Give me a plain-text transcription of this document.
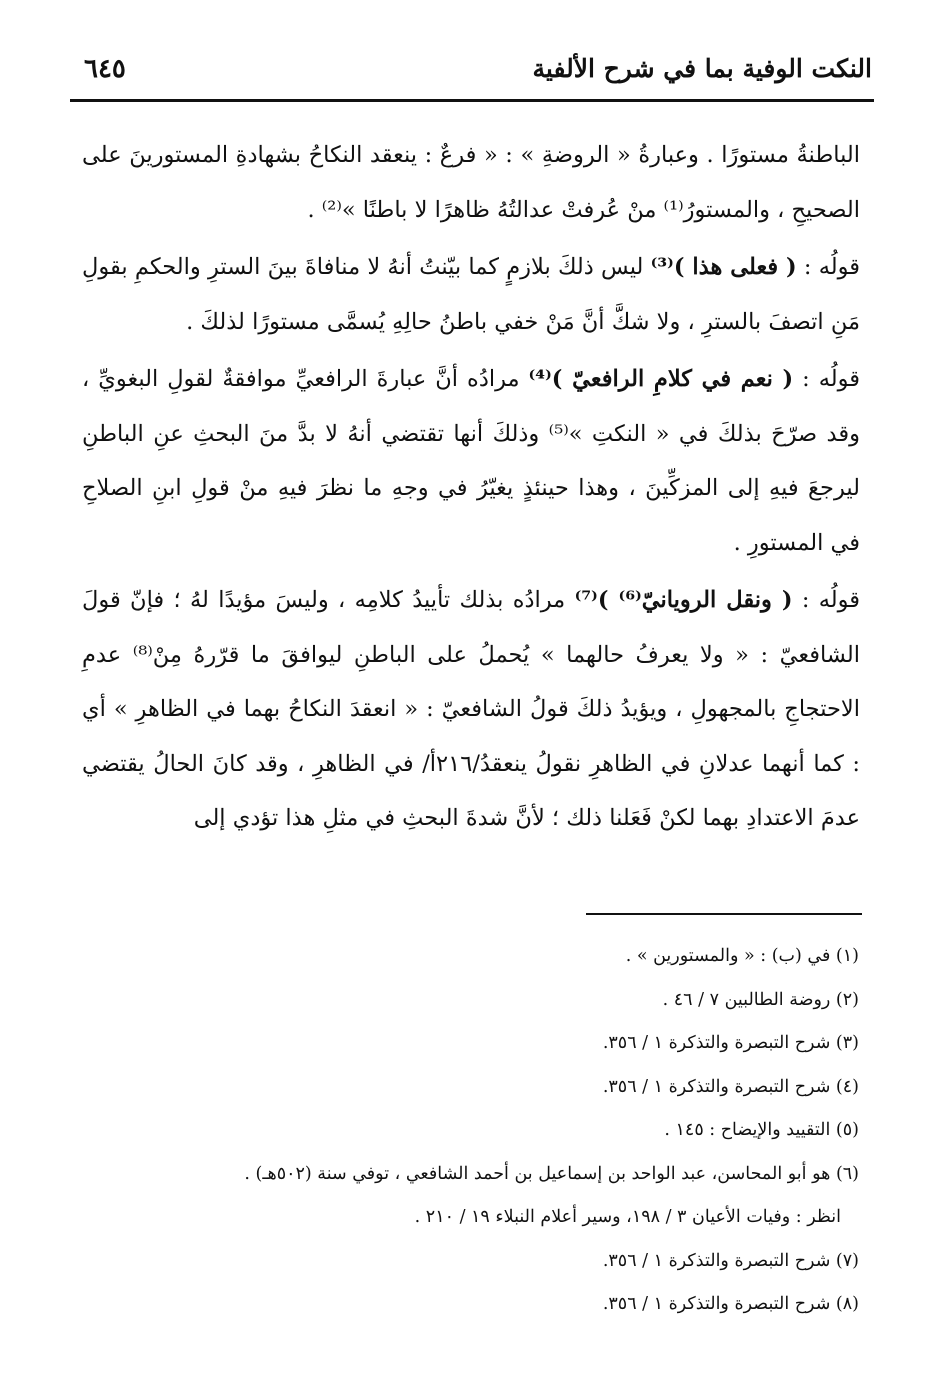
النكت الوفية بما في شرح الألفية
٦٤٥

الباطنةُ مستورًا . وعبارةُ « الروضةِ » : « فرعٌ : ينعقد النكاحُ بشهادةِ المستورينَ على الصحيحِ ، والمستورُ⁽¹⁾ منْ عُرفتْ عدالتُهُ ظاهرًا لا باطنًا »⁽²⁾ .

قولُه : ( فعلى هذا )⁽³⁾ ليس ذلكَ بلازمٍ كما بيّنتُ أنهُ لا منافاةَ بينَ السترِ والحكمِ بقولِ مَنِ اتصفَ بالسترِ ، ولا شكَّ أنَّ مَنْ خفي باطنُ حالِهِ يُسمَّى مستورًا لذلكَ .

قولُه : ( نعم في كلامِ الرافعيّ )⁽⁴⁾ مرادُه أنَّ عبارةَ الرافعيِّ موافقةٌ لقولِ البغويِّ ، وقد صرّحَ بذلكَ في « النكتِ »⁽⁵⁾ وذلكَ أنها تقتضي أنهُ لا بدَّ منَ البحثِ عنِ الباطنِ ليرجعَ فيهِ إلى المزكِّينَ ، وهذا حينئذٍ يغيّرُ في وجهِ ما نظرَ فيهِ منْ قولِ ابنِ الصلاحِ في المستورِ .

قولُه : ( ونقل الرويانيّ⁽⁶⁾ )⁽⁷⁾ مرادُه بذلك تأييدُ كلامِه ، وليسَ مؤيدًا لهُ ؛ فإنّ قولَ الشافعيّ : « ولا يعرفُ حالهما » يُحملُ على الباطنِ ليوافقَ ما قرّرهُ مِنْ⁽⁸⁾ عدمِ الاحتجاجِ بالمجهولِ ، ويؤيدُ ذلكَ قولُ الشافعيّ : « انعقدَ النكاحُ بهما في الظاهرِ » أي : كما أنهما عدلانِ في الظاهرِ نقولُ ينعقدُ/٢١٦أ/ في الظاهرِ ، وقد كانَ الحالُ يقتضي عدمَ الاعتدادِ بهما لكنْ فَعَلنا ذلك ؛ لأنَّ شدةَ البحثِ في مثلِ هذا تؤدي إلى

(١) في (ب) : « والمستورين » .

(٢) روضة الطالبين ٧ / ٤٦ .

(٣) شرح التبصرة والتذكرة ١ / ٣٥٦.

(٤) شرح التبصرة والتذكرة ١ / ٣٥٦.

(٥) التقييد والإيضاح : ١٤٥ .

(٦) هو أبو المحاسن، عبد الواحد بن إسماعيل بن أحمد الشافعي ، توفي سنة (٥٠٢هـ) .

انظر : وفيات الأعيان ٣ / ١٩٨، وسير أعلام النبلاء ١٩ / ٢١٠ .

(٧) شرح التبصرة والتذكرة ١ / ٣٥٦.

(٨) شرح التبصرة والتذكرة ١ / ٣٥٦.
